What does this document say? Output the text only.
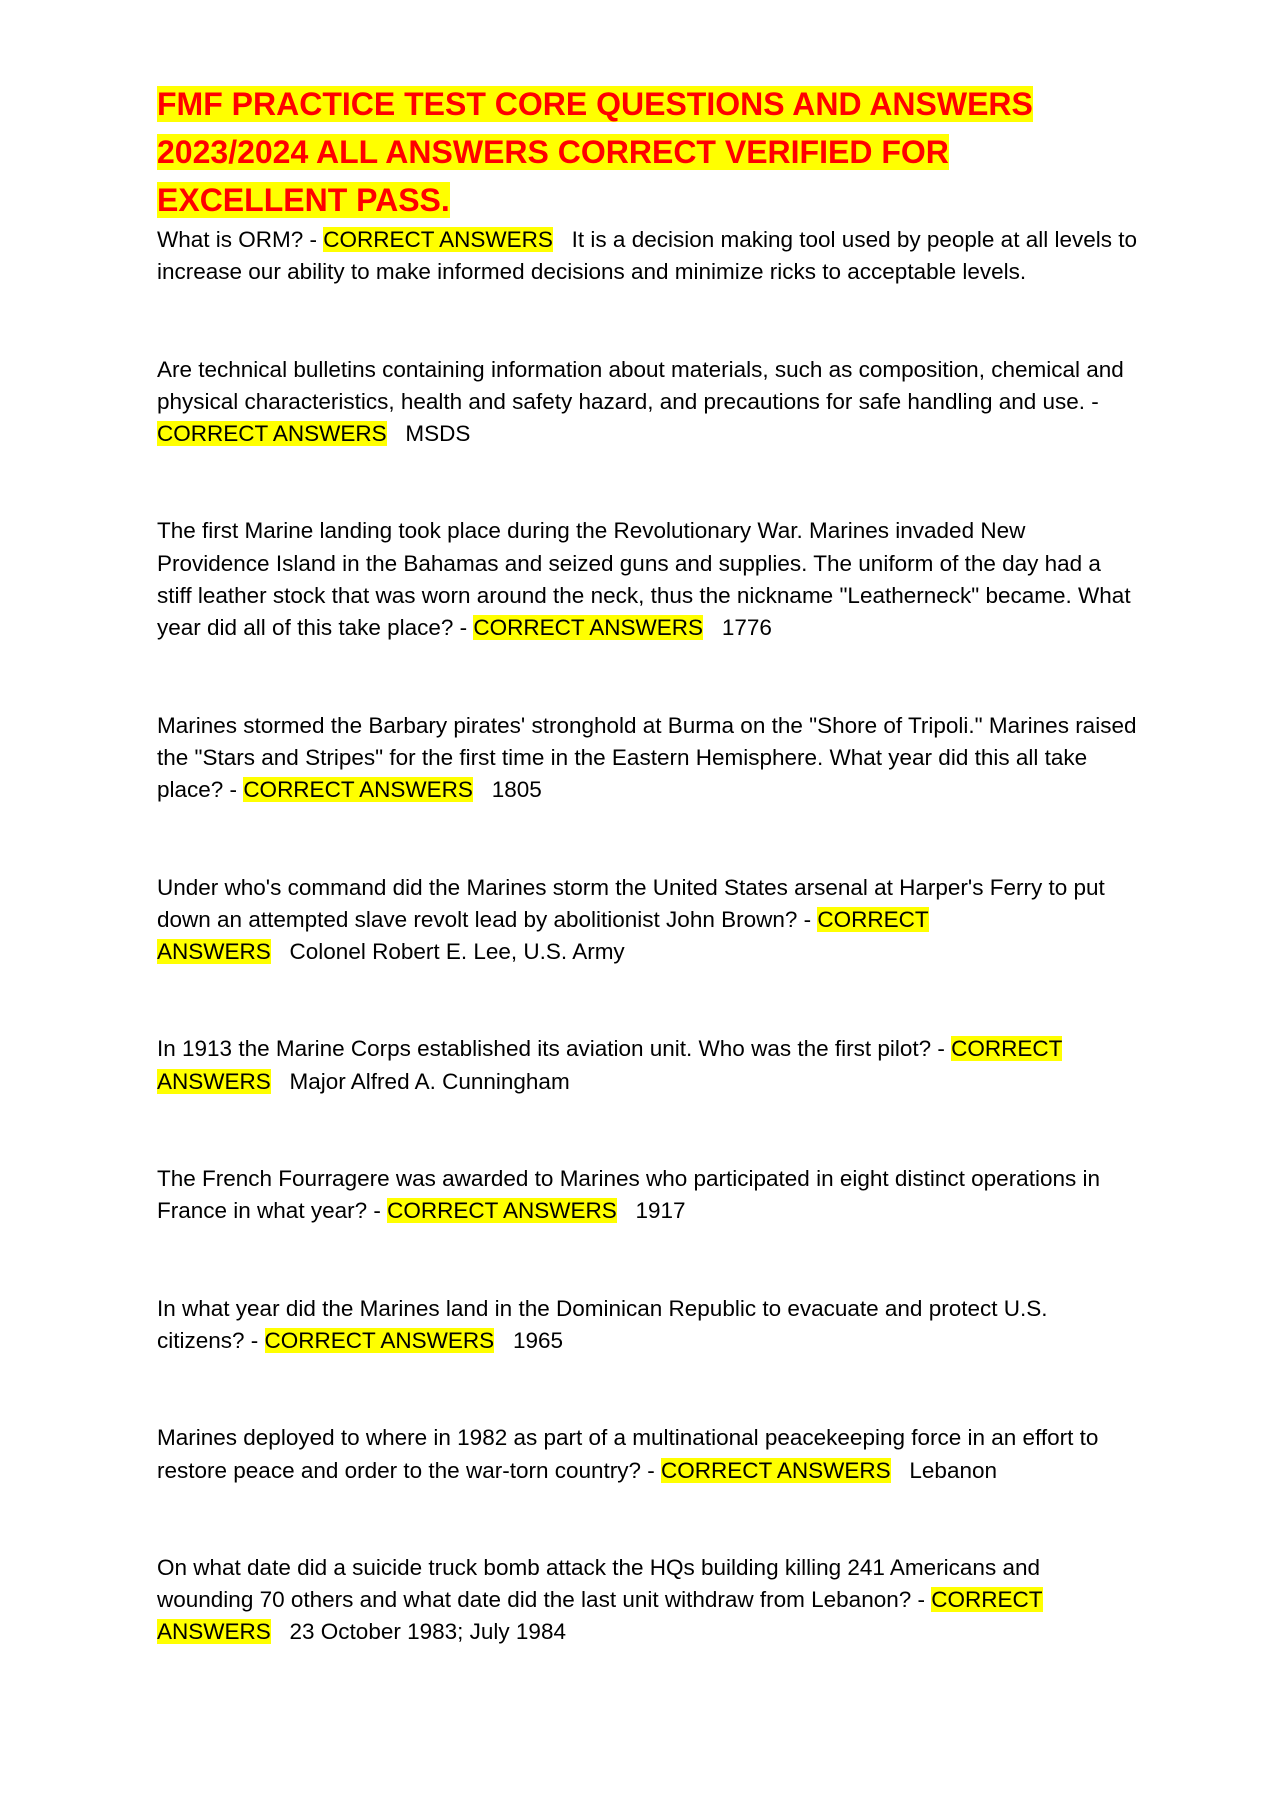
FMF PRACTICE TEST CORE QUESTIONS AND ANSWERS 2023/2024 ALL ANSWERS CORRECT VERIFIED FOR EXCELLENT PASS.

What is ORM? - CORRECT ANSWERS It is a decision making tool used by people at all levels to increase our ability to make informed decisions and minimize ricks to acceptable levels.

Are technical bulletins containing information about materials, such as composition, chemical and physical characteristics, health and safety hazard, and precautions for safe handling and use. - CORRECT ANSWERS MSDS

The first Marine landing took place during the Revolutionary War. Marines invaded New Providence Island in the Bahamas and seized guns and supplies. The uniform of the day had a stiff leather stock that was worn around the neck, thus the nickname "Leatherneck" became. What year did all of this take place? - CORRECT ANSWERS 1776

Marines stormed the Barbary pirates' stronghold at Burma on the "Shore of Tripoli." Marines raised the "Stars and Stripes" for the first time in the Eastern Hemisphere. What year did this all take place? - CORRECT ANSWERS 1805

Under who's command did the Marines storm the United States arsenal at Harper's Ferry to put down an attempted slave revolt lead by abolitionist John Brown? - CORRECT ANSWERS Colonel Robert E. Lee, U.S. Army

In 1913 the Marine Corps established its aviation unit. Who was the first pilot? - CORRECT ANSWERS Major Alfred A. Cunningham

The French Fourragere was awarded to Marines who participated in eight distinct operations in France in what year? - CORRECT ANSWERS 1917

In what year did the Marines land in the Dominican Republic to evacuate and protect U.S. citizens? - CORRECT ANSWERS 1965

Marines deployed to where in 1982 as part of a multinational peacekeeping force in an effort to restore peace and order to the war-torn country? - CORRECT ANSWERS Lebanon

On what date did a suicide truck bomb attack the HQs building killing 241 Americans and wounding 70 others and what date did the last unit withdraw from Lebanon? - CORRECT ANSWERS 23 October 1983; July 1984
